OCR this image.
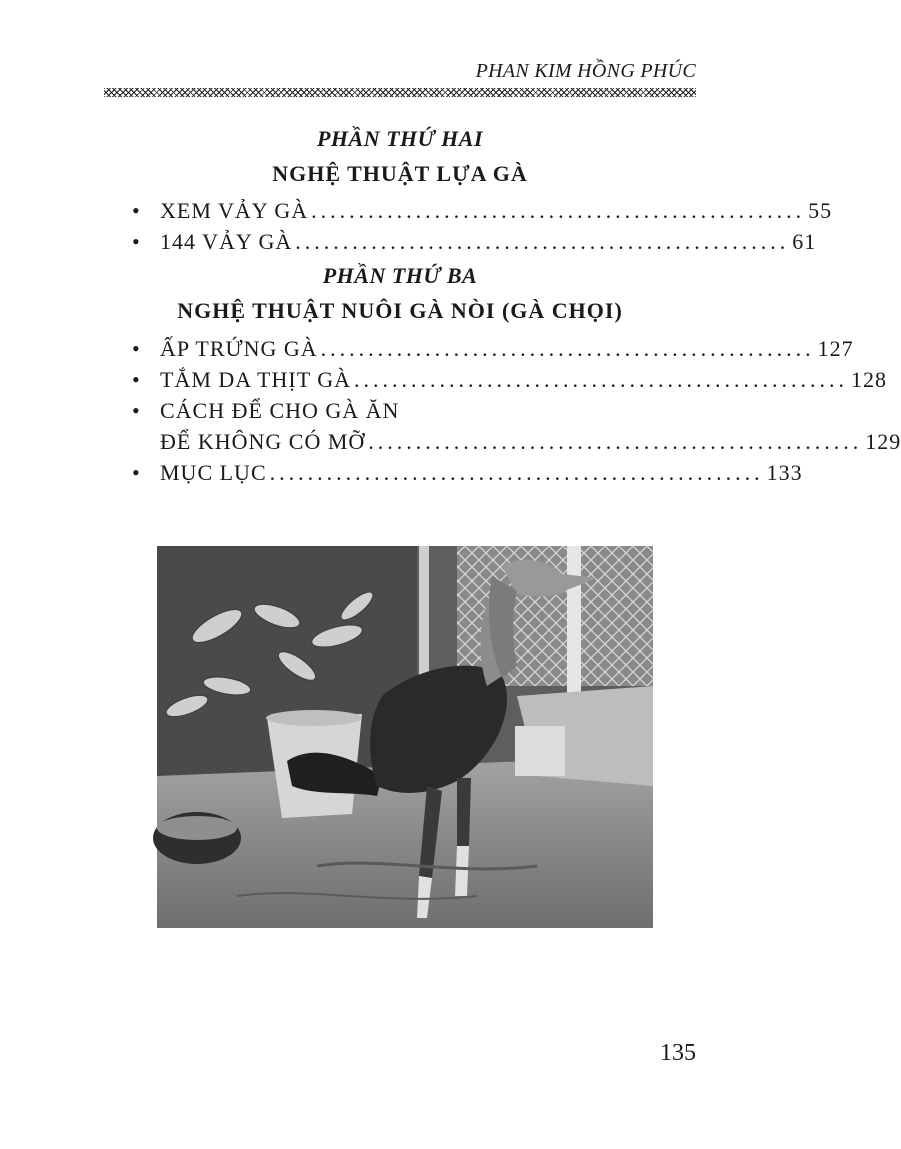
PHAN KIM HỒNG PHÚC
PHẦN THỨ HAI
NGHỆ THUẬT LỰA GÀ
• XEM VẢY GÀ .................................................... 55
• 144 VẢY GÀ .................................................... 61
PHẦN THỨ BA
NGHỆ THUẬT NUÔI GÀ NÒI (GÀ CHỌI)
• ẤP TRỨNG GÀ .................................................... 127
• TẮM DA THỊT GÀ .................................................... 128
• CÁCH ĐỂ CHO GÀ ĂN
ĐỂ KHÔNG CÓ MỠ .................................................... 129
• MỤC LỤC .................................................... 133
135
